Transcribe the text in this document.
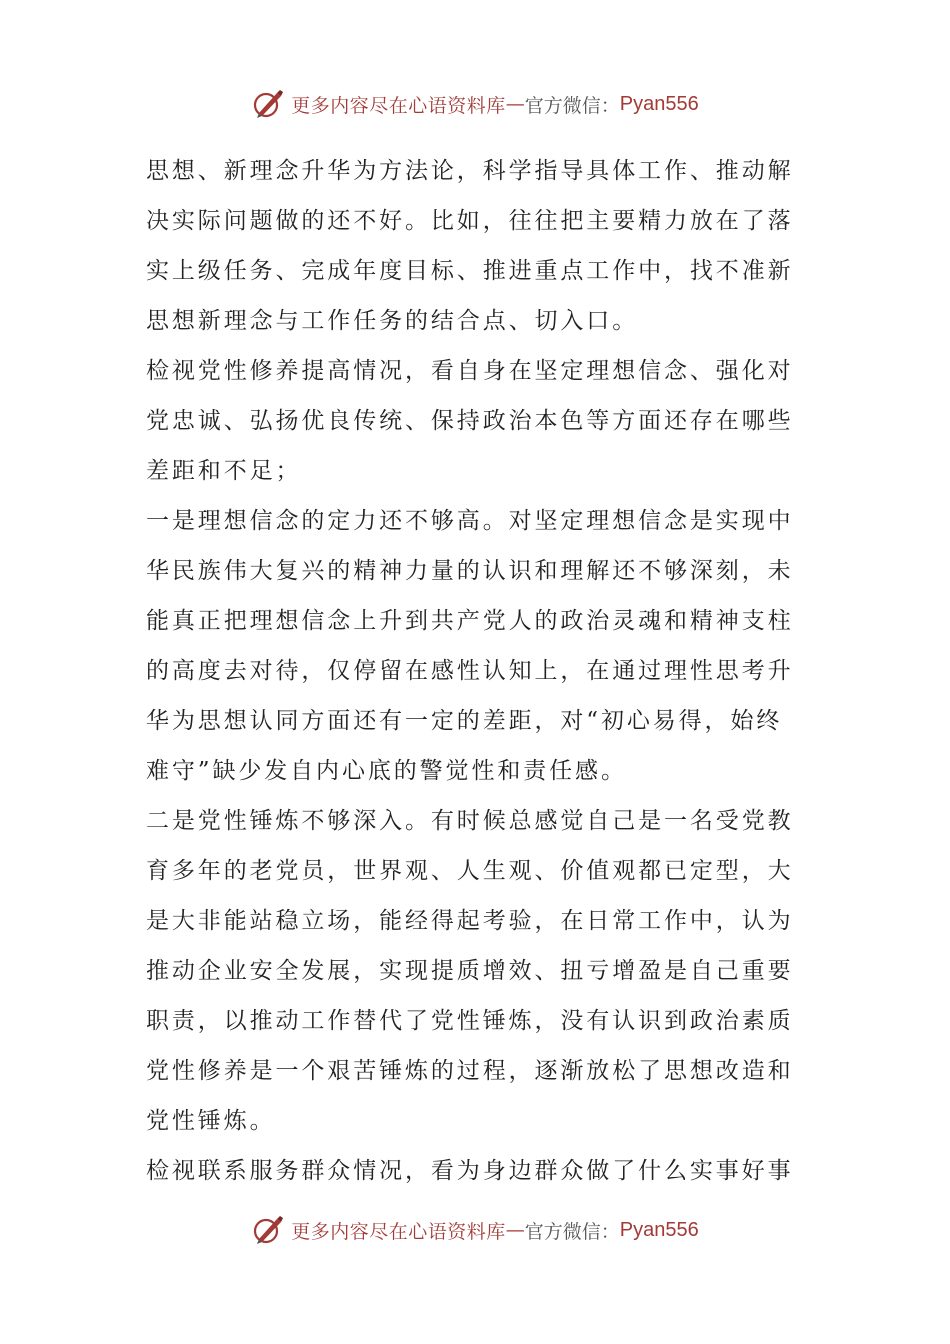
更多内容尽在心语资料库 — 官方微信： Pyan556
思想、新理念升华为方法论，科学指导具体工作、推动解
决实际问题做的还不好。比如，往往把主要精力放在了落
实上级任务、完成年度目标、推进重点工作中，找不准新
思想新理念与工作任务的结合点、切入口。
检视党性修养提高情况，看自身在坚定理想信念、强化对
党忠诚、弘扬优良传统、保持政治本色等方面还存在哪些
差距和不足；
一是理想信念的定力还不够高。对坚定理想信念是实现中
华民族伟大复兴的精神力量的认识和理解还不够深刻，未
能真正把理想信念上升到共产党人的政治灵魂和精神支柱
的高度去对待，仅停留在感性认知上，在通过理性思考升
华为思想认同方面还有一定的差距，对“初心易得，始终
难守”缺少发自内心底的警觉性和责任感。
二是党性锤炼不够深入。有时候总感觉自己是一名受党教
育多年的老党员，世界观、人生观、价值观都已定型，大
是大非能站稳立场，能经得起考验，在日常工作中，认为
推动企业安全发展，实现提质增效、扭亏增盈是自己重要
职责，以推动工作替代了党性锤炼，没有认识到政治素质
党性修养是一个艰苦锤炼的过程，逐渐放松了思想改造和
党性锤炼。
检视联系服务群众情况，看为身边群众做了什么实事好事
更多内容尽在心语资料库 — 官方微信： Pyan556
